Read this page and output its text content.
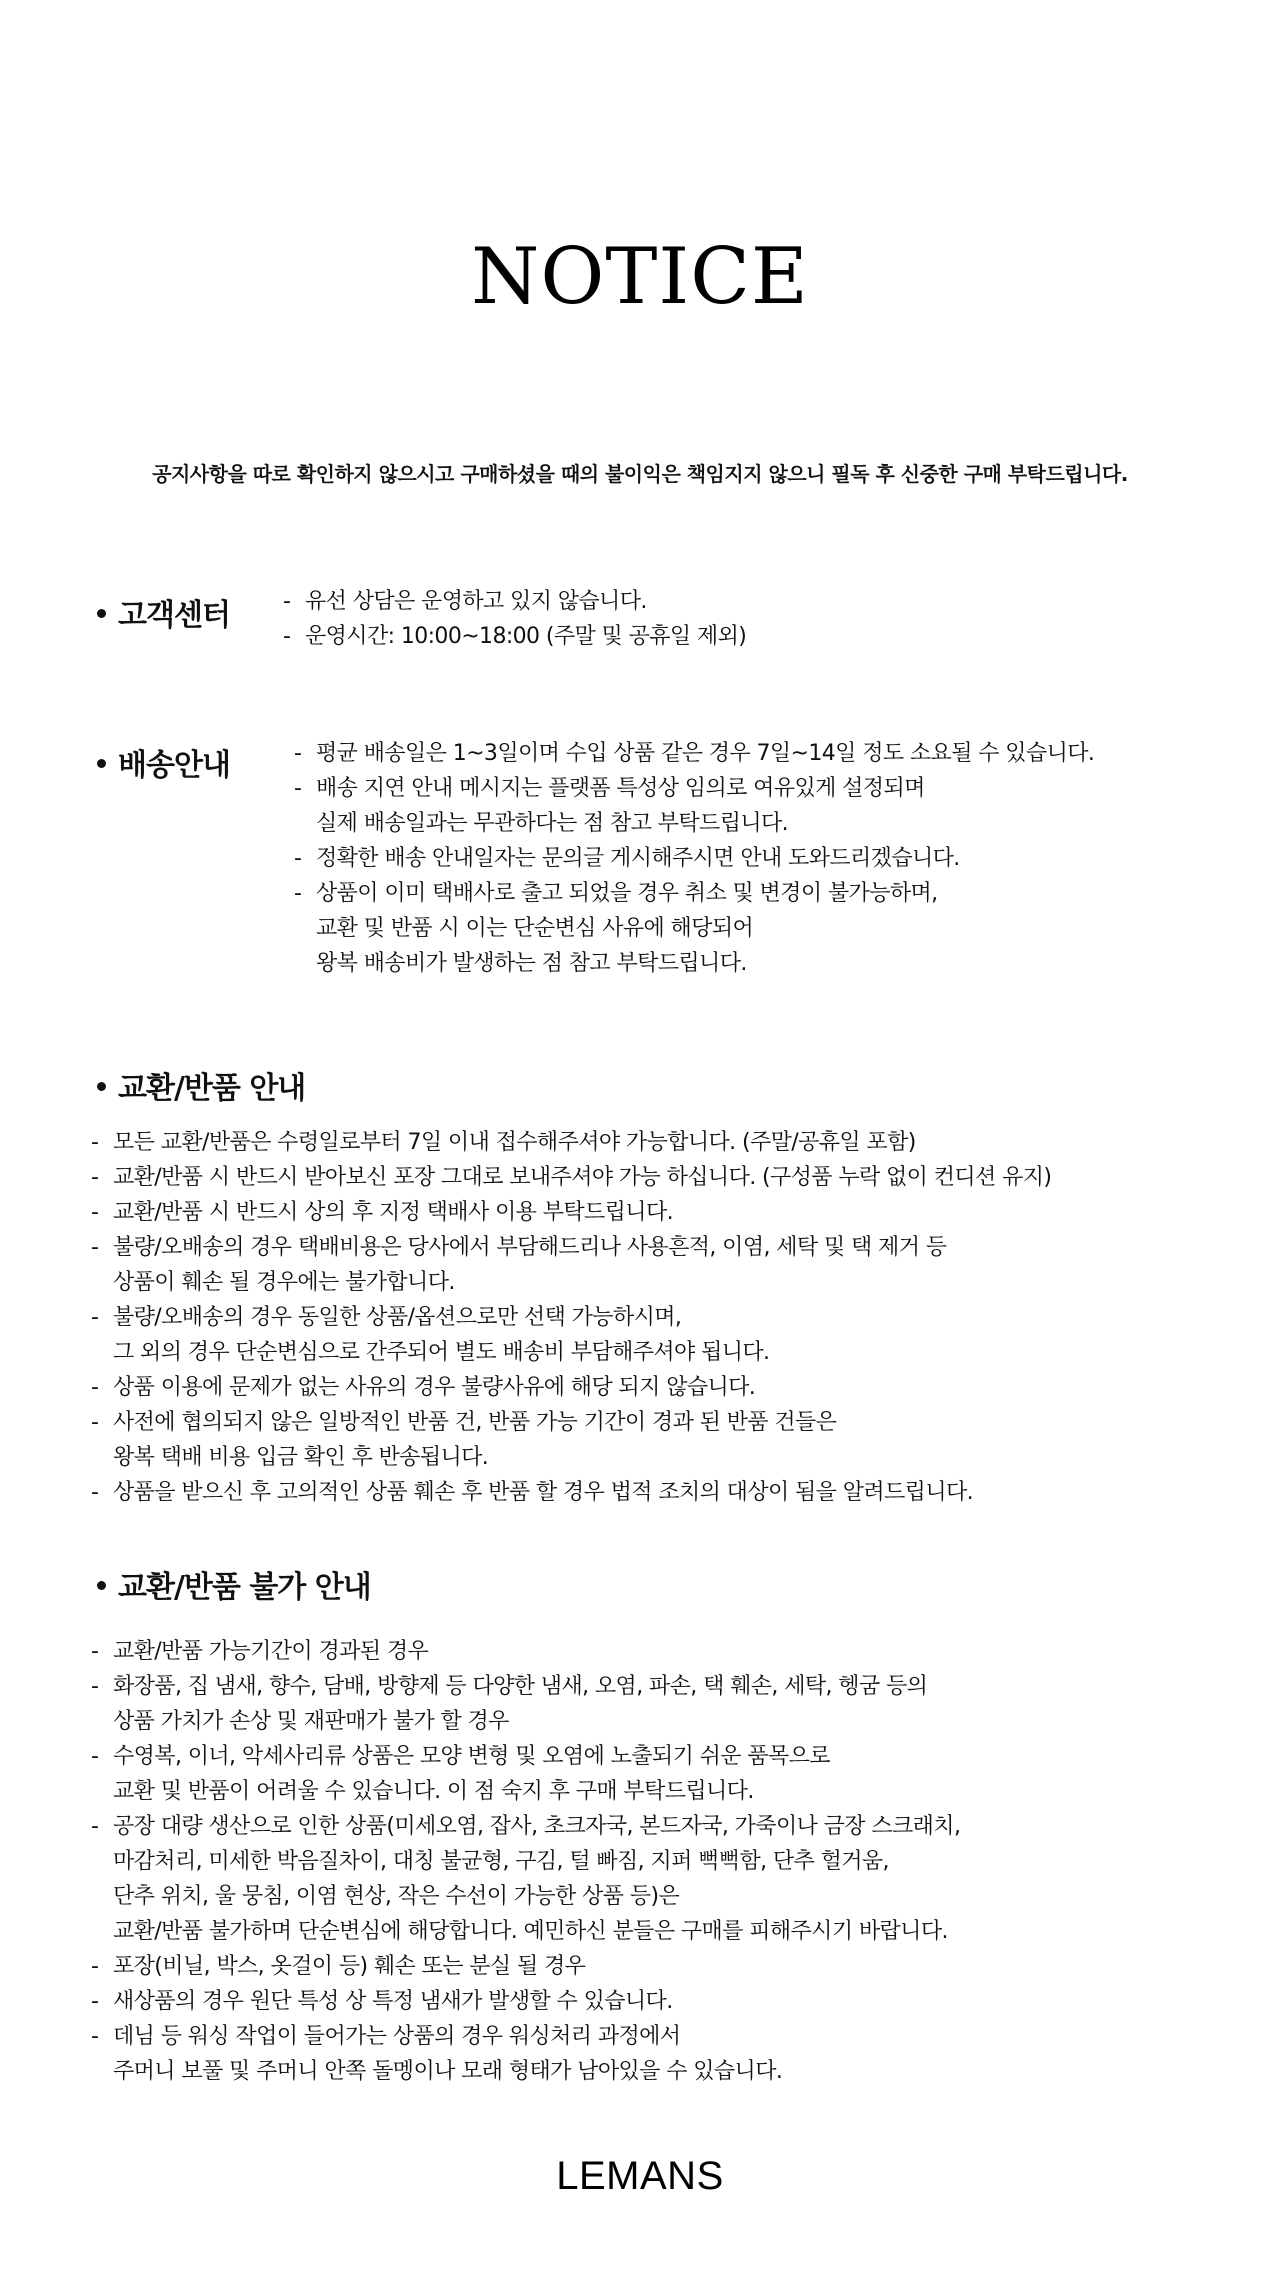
NOTICE
공지사항을 따로 확인하지 않으시고 구매하셨을 때의 불이익은 책임지지 않으니 필독 후 신중한 구매 부탁드립니다.
고객센터 - 유선 상담은 운영하고 있지 않습니다.
- 운영시간: 10:00~18:00 (주말 및 공휴일 제외)
배송안내	- 평균 배송일은 1~3일이며 수입 상품 같은 경우 7일~14일 정도 소요될 수 있습니다.
- 배송 지연 안내 메시지는 플랫폼 특성상 임의로 여유있게 설정되며
실제 배송일과는 무관하다는 점 참고 부탁드립니다.
- 정확한 배송 안내일자는 문의글 게시해주시면 안내 도와드리겠습니다.
- 상품이 이미 택배사로 출고 되었을 경우 취소 및 변경이 불가능하며,
교환 및 반품 시 이는 단순변심 사유에 해당되어
왕복 배송비가 발생하는 점 참고 부탁드립니다.
교환/반품 안내
- 모든 교환/반품은 수령일로부터 7일 이내 접수해주셔야 가능합니다. (주말/공휴일 포함)
- 교환/반품 시 반드시 받아보신 포장 그대로 보내주셔야 가능 하십니다. (구성품 누락 없이 컨디션 유지)
- 교환/반품 시 반드시 상의 후 지정 택배사 이용 부탁드립니다.
- 불량/오배송의 경우 택배비용은 당사에서 부담해드리나 사용흔적, 이염, 세탁 및 택 제거 등
상품이 훼손 될 경우에는 불가합니다.
- 불량/오배송의 경우 동일한 상품/옵션으로만 선택 가능하시며,
그 외의 경우 단순변심으로 간주되어 별도 배송비 부담해주셔야 됩니다.
- 상품 이용에 문제가 없는 사유의 경우 불량사유에 해당 되지 않습니다.
- 사전에 협의되지 않은 일방적인 반품 건, 반품 가능 기간이 경과 된 반품 건들은
왕복 택배 비용 입금 확인 후 반송됩니다.
- 상품을 받으신 후 고의적인 상품 훼손 후 반품 할 경우 법적 조치의 대상이 됨을 알려드립니다.
교환/반품 불가 안내
- 교환/반품 가능기간이 경과된 경우
- 화장품, 집 냄새, 향수, 담배, 방향제 등 다양한 냄새, 오염, 파손, 택 훼손, 세탁, 헹굼 등의
상품 가치가 손상 및 재판매가 불가 할 경우
- 수영복, 이너, 악세사리류 상품은 모양 변형 및 오염에 노출되기 쉬운 품목으로
교환 및 반품이 어려울 수 있습니다. 이 점 숙지 후 구매 부탁드립니다.
- 공장 대량 생산으로 인한 상품(미세오염, 잡사, 초크자국, 본드자국, 가죽이나 금장 스크래치,
마감처리, 미세한 박음질차이, 대칭 불균형, 구김, 털 빠짐, 지퍼 뻑뻑함, 단추 헐거움,
단추 위치, 울 뭉침, 이염 현상, 작은 수선이 가능한 상품 등)은
교환/반품 불가하며 단순변심에 해당합니다. 예민하신 분들은 구매를 피해주시기 바랍니다.
- 포장(비닐, 박스, 옷걸이 등) 훼손 또는 분실 될 경우
- 새상품의 경우 원단 특성 상 특정 냄새가 발생할 수 있습니다.
- 데님 등 워싱 작업이 들어가는 상품의 경우 워싱처리 과정에서
주머니 보풀 및 주머니 안쪽 돌멩이나 모래 형태가 남아있을 수 있습니다.
LEMANS
